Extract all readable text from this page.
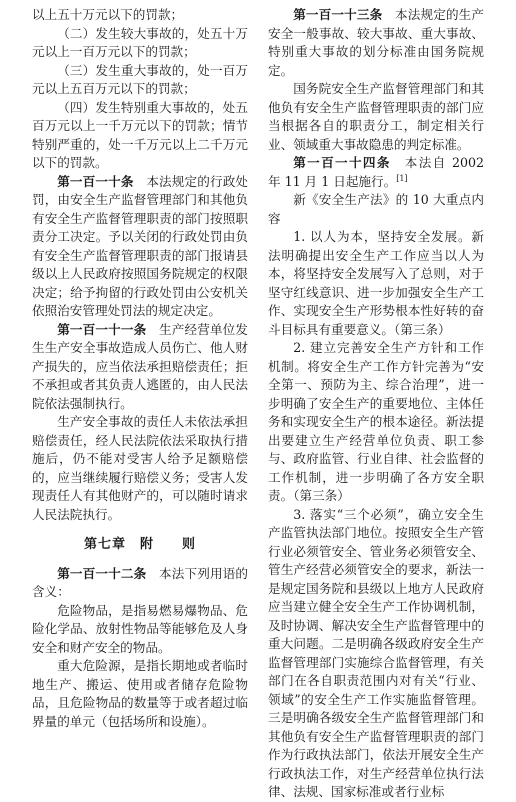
以上五十万元以下的罚款；

（二）发生较大事故的，处五十万元以上一百万元以下的罚款；

（三）发生重大事故的，处一百万元以上五百万元以下的罚款；

（四）发生特别重大事故的，处五百万元以上一千万元以下的罚款；情节特别严重的，处一千万元以上二千万元以下的罚款。

第一百一十条　 本法规定的行政处罚，由安全生产监督管理部门和其他负有安全生产监督管理职责的部门按照职责分工决定。予以关闭的行政处罚由负有安全生产监督管理职责的部门报请县级以上人民政府按照国务院规定的权限决定；给予拘留的行政处罚由公安机关依照治安管理处罚法的规定决定。

第一百一十一条　 生产经营单位发生生产安全事故造成人员伤亡、他人财产损失的，应当依法承担赔偿责任；拒不承担或者其负责人逃匿的，由人民法院依法强制执行。

生产安全事故的责任人未依法承担赔偿责任，经人民法院依法采取执行措施后，仍不能对受害人给予足额赔偿的，应当继续履行赔偿义务；受害人发现责任人有其他财产的，可以随时请求人民法院执行。

第七章　附　　则

第一百一十二条　 本法下列用语的含义：

危险物品，是指易燃易爆物品、危险化学品、放射性物品等能够危及人身安全和财产安全的物品。

重大危险源，是指长期地或者临时地生产、搬运、使用或者储存危险物品，且危险物品的数量等于或者超过临界量的单元（包括场所和设施）。

第一百一十三条　 本法规定的生产安全一般事故、较大事故、重大事故、特别重大事故的划分标准由国务院规定。

国务院安全生产监督管理部门和其他负有安全生产监督管理职责的部门应当根据各自的职责分工，制定相关行业、领域重大事故隐患的判定标准。

第一百一十四条　 本法自 2002 年 11 月 1 日起施行。[1]

新《安全生产法》的 10 大重点内容

1. 以人为本，坚持安全发展。新法明确提出安全生产工作应当以人为本，将坚持安全发展写入了总则，对于坚守红线意识、进一步加强安全生产工作、实现安全生产形势根本性好转的奋斗目标具有重要意义。（第三条）

2. 建立完善安全生产方针和工作机制。将安全生产工作方针完善为“安全第一、预防为主、综合治理”，进一步明确了安全生产的重要地位、主体任务和实现安全生产的根本途径。新法提出要建立生产经营单位负责、职工参与、政府监管、行业自律、社会监督的工作机制，进一步明确了各方安全职责。（第三条）

3. 落实“三个必须”，确立安全生产监管执法部门地位。按照安全生产管行业必须管安全、管业务必须管安全、管生产经营必须管安全的要求，新法一是规定国务院和县级以上地方人民政府应当建立健全安全生产工作协调机制，及时协调、解决安全生产监督管理中的重大问题。二是明确各级政府安全生产监督管理部门实施综合监督管理，有关部门在各自职责范围内对有关“行业、领域”的安全生产工作实施监督管理。三是明确各级安全生产监督管理部门和其他负有安全生产监督管理职责的部门作为行政执法部门，依法开展安全生产行政执法工作，对生产经营单位执行法律、法规、国家标准或者行业标
